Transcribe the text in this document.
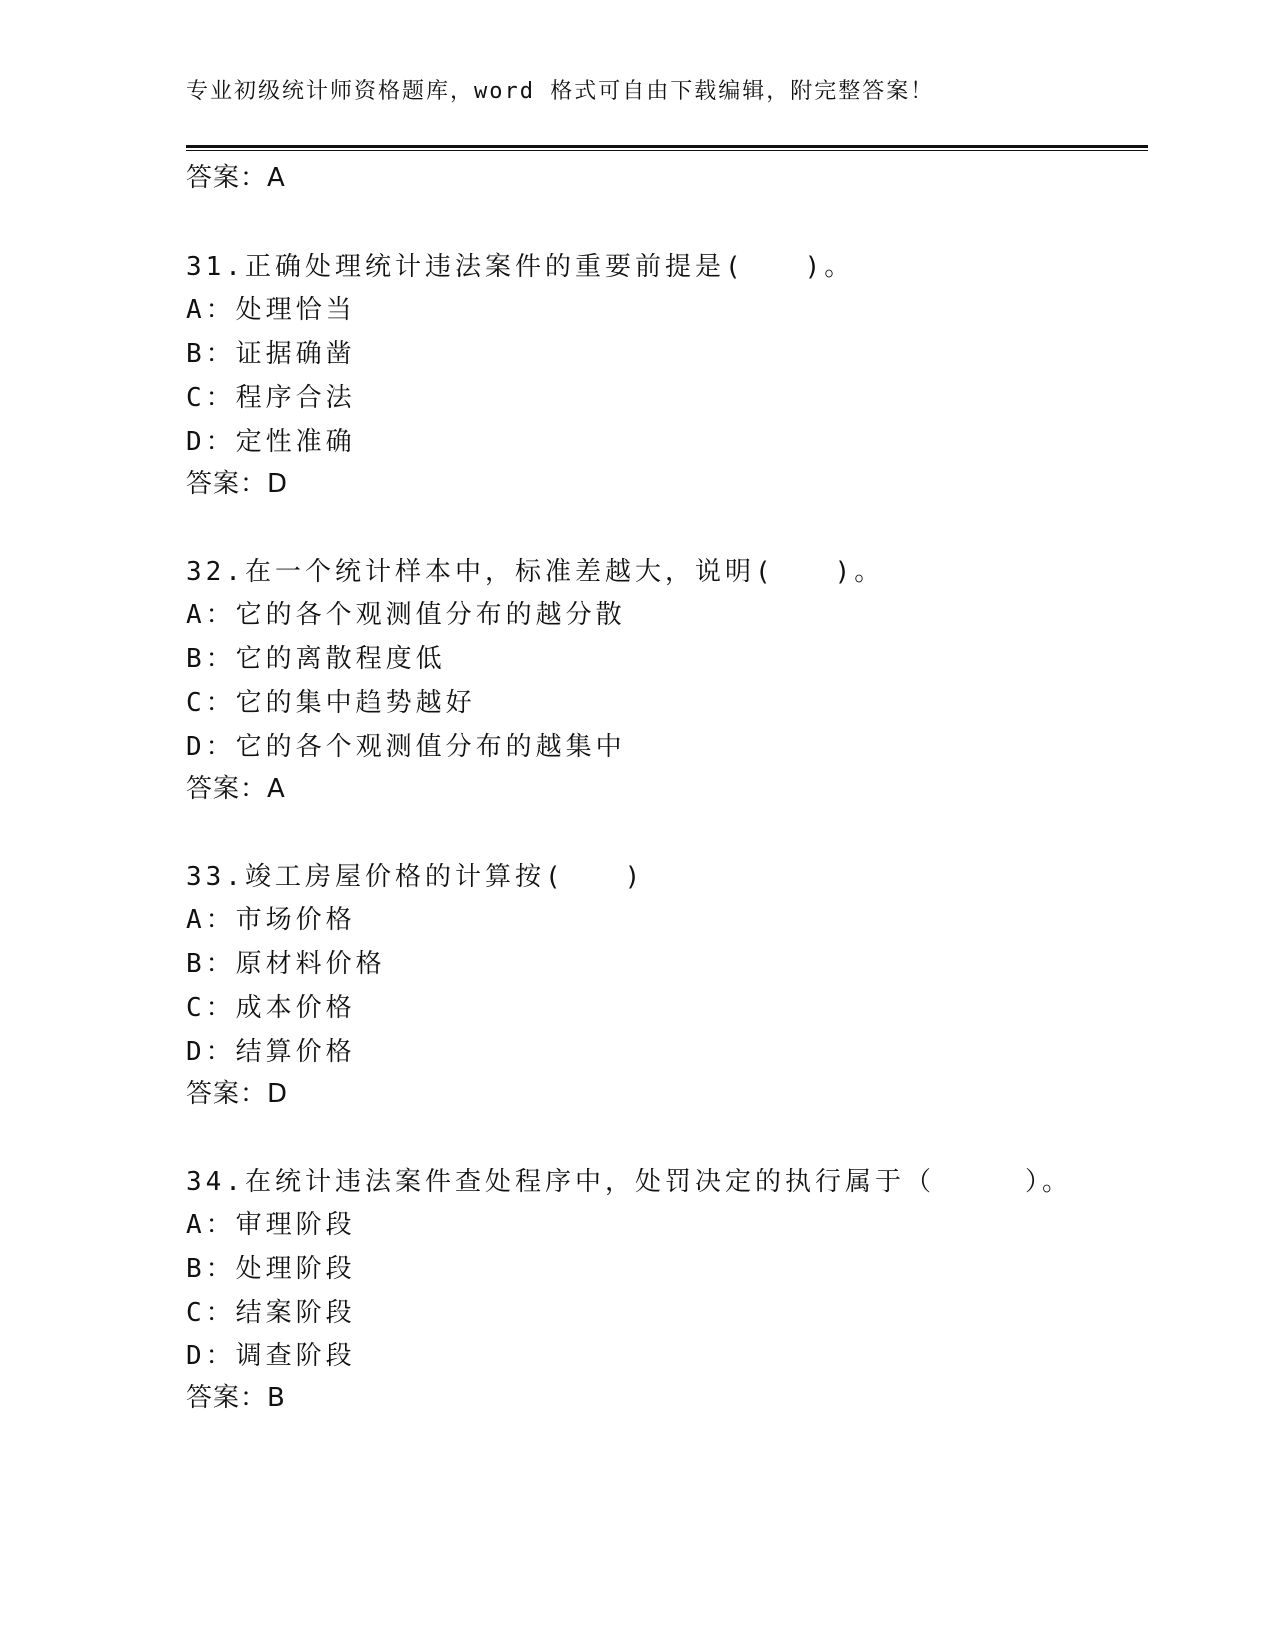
专业初级统计师资格题库，word 格式可自由下载编辑，附完整答案！
答案：A
31.正确处理统计违法案件的重要前提是(　　)。
A：处理恰当
B：证据确凿
C：程序合法
D：定性准确
答案：D
32.在一个统计样本中，标准差越大，说明(　　)。
A：它的各个观测值分布的越分散
B：它的离散程度低
C：它的集中趋势越好
D：它的各个观测值分布的越集中
答案：A
33.竣工房屋价格的计算按(　　)
A：市场价格
B：原材料价格
C：成本价格
D：结算价格
答案：D
34.在统计违法案件查处程序中，处罚决定的执行属于（　　　）。
A：审理阶段
B：处理阶段
C：结案阶段
D：调查阶段
答案：B
